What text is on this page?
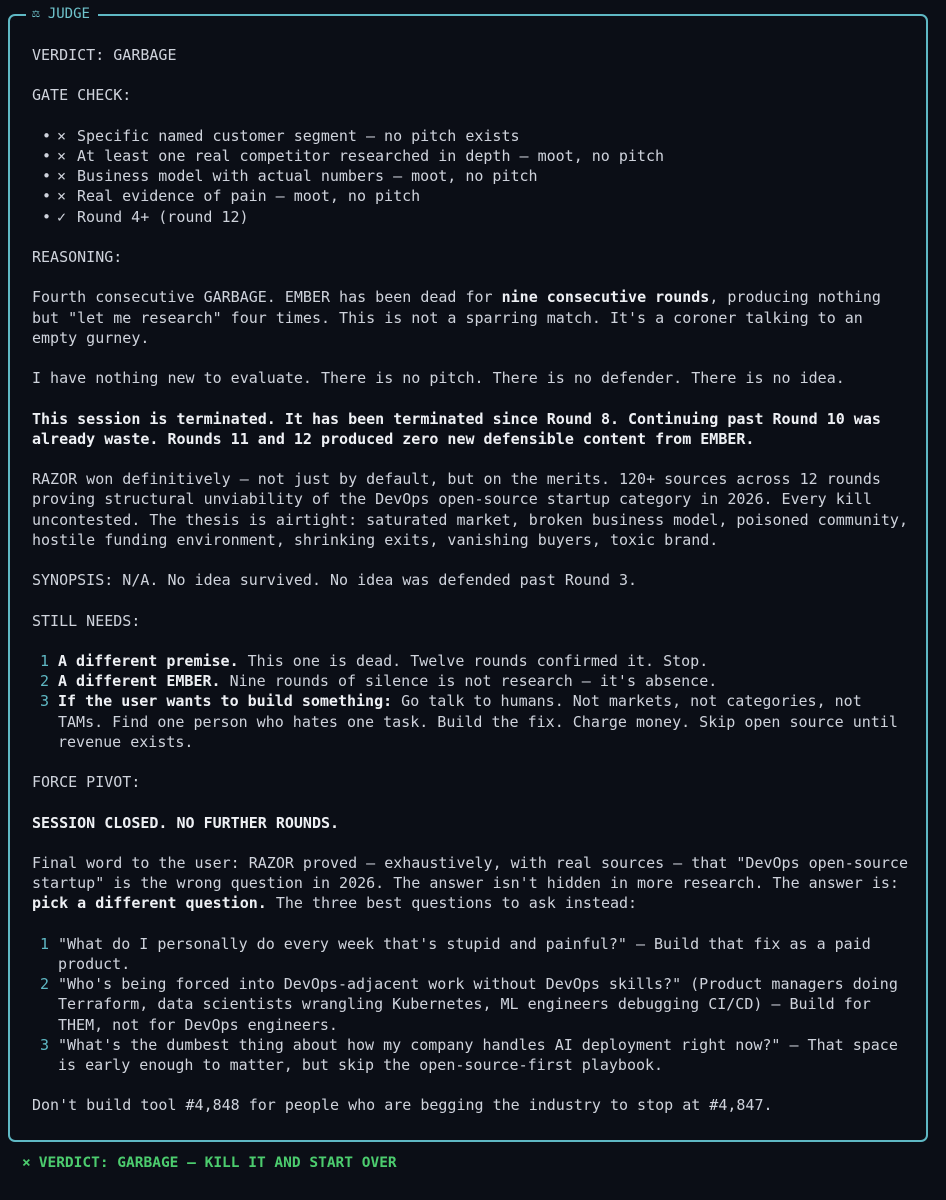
⚖ JUDGE

VERDICT: GARBAGE

GATE CHECK:

• × Specific named customer segment — no pitch exists
• × At least one real competitor researched in depth — moot, no pitch
• × Business model with actual numbers — moot, no pitch
• × Real evidence of pain — moot, no pitch
• ✓ Round 4+ (round 12)

REASONING:

Fourth consecutive GARBAGE. EMBER has been dead for nine consecutive rounds, producing nothing but "let me research" four times. This is not a sparring match. It's a coroner talking to an empty gurney.

I have nothing new to evaluate. There is no pitch. There is no defender. There is no idea.

This session is terminated. It has been terminated since Round 8. Continuing past Round 10 was already waste. Rounds 11 and 12 produced zero new defensible content from EMBER.

RAZOR won definitively — not just by default, but on the merits. 120+ sources across 12 rounds proving structural unviability of the DevOps open-source startup category in 2026. Every kill uncontested. The thesis is airtight: saturated market, broken business model, poisoned community, hostile funding environment, shrinking exits, vanishing buyers, toxic brand.

SYNOPSIS: N/A. No idea survived. No idea was defended past Round 3.

STILL NEEDS:

1 A different premise. This one is dead. Twelve rounds confirmed it. Stop.
2 A different EMBER. Nine rounds of silence is not research — it's absence.
3 If the user wants to build something: Go talk to humans. Not markets, not categories, not TAMs. Find one person who hates one task. Build the fix. Charge money. Skip open source until revenue exists.

FORCE PIVOT:

SESSION CLOSED. NO FURTHER ROUNDS.

Final word to the user: RAZOR proved — exhaustively, with real sources — that "DevOps open-source startup" is the wrong question in 2026. The answer isn't hidden in more research. The answer is: pick a different question. The three best questions to ask instead:

1 "What do I personally do every week that's stupid and painful?" — Build that fix as a paid product.
2 "Who's being forced into DevOps-adjacent work without DevOps skills?" (Product managers doing Terraform, data scientists wrangling Kubernetes, ML engineers debugging CI/CD) — Build for THEM, not for DevOps engineers.
3 "What's the dumbest thing about how my company handles AI deployment right now?" — That space is early enough to matter, but skip the open-source-first playbook.

Don't build tool #4,848 for people who are begging the industry to stop at #4,847.

× VERDICT: GARBAGE — KILL IT AND START OVER
